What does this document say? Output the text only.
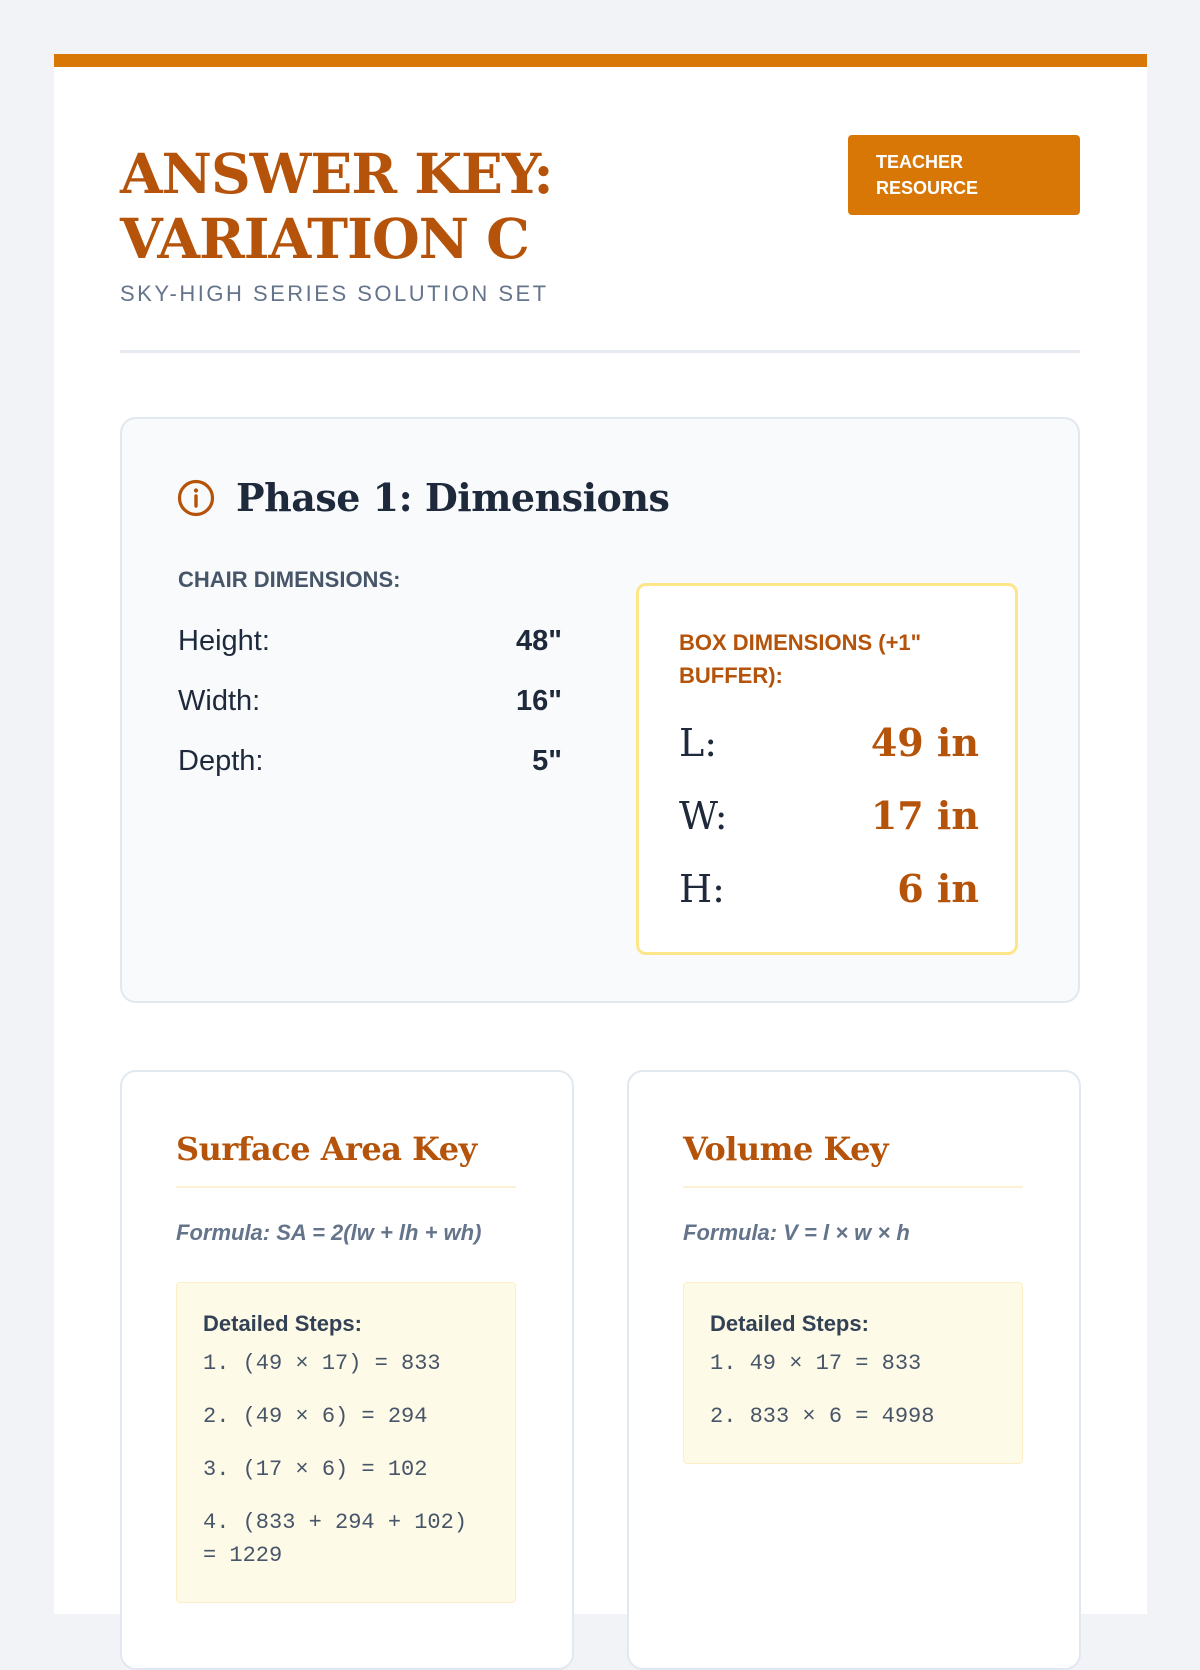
ANSWER KEY: VARIATION C
SKY-HIGH SERIES SOLUTION SET
TEACHER RESOURCE
Phase 1: Dimensions
CHAIR DIMENSIONS:
Height:	48"
Width:	16"
Depth:	5"
BOX DIMENSIONS (+1" BUFFER):
L:	49 in
W:	17 in
H:	6 in
Surface Area Key
Formula: SA = 2(lw + lh + wh)
Detailed Steps:
1. (49 × 17) = 833
2. (49 × 6) = 294
3. (17 × 6) = 102
4. (833 + 294 + 102) = 1229
Volume Key
Formula: V = l × w × h
Detailed Steps:
1. 49 × 17 = 833
2. 833 × 6 = 4998
